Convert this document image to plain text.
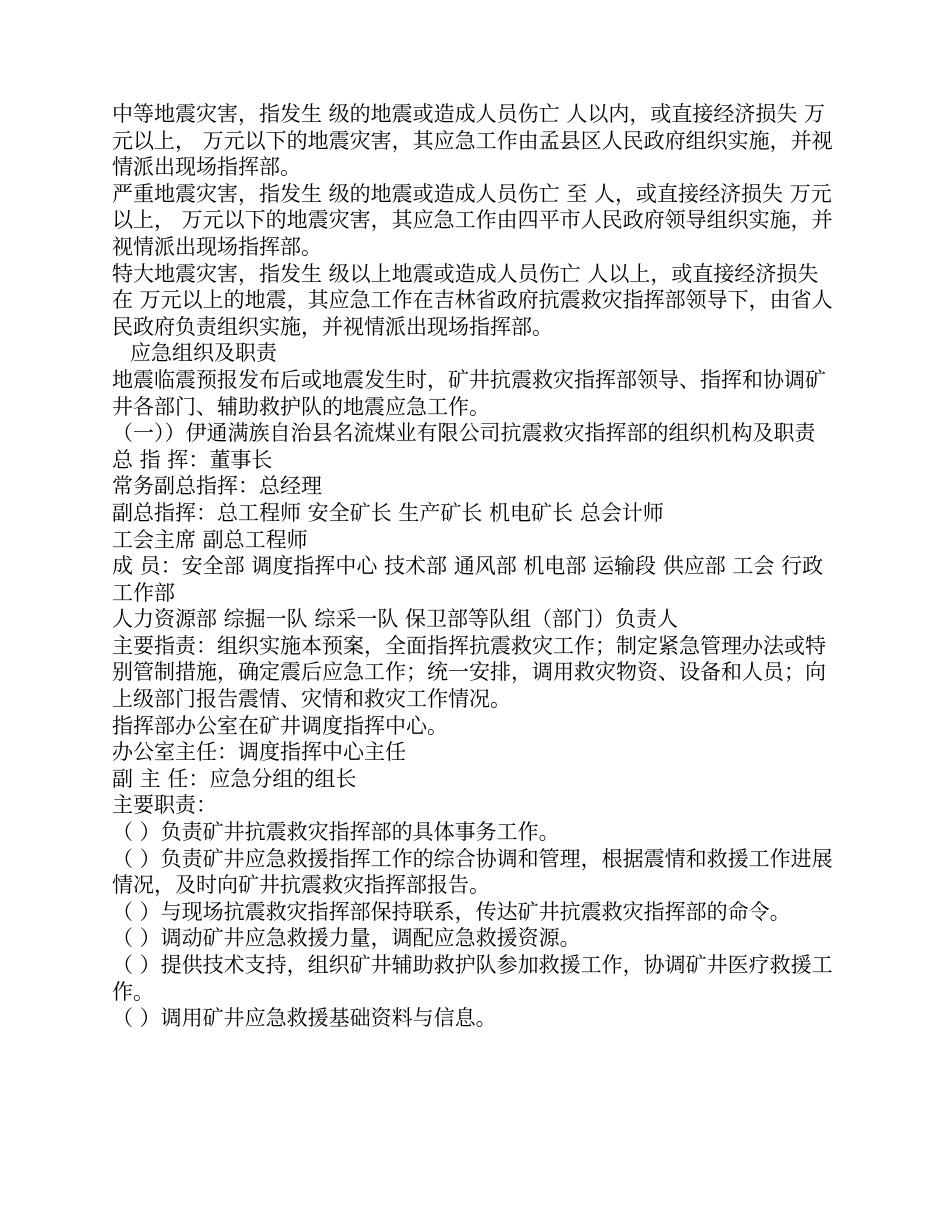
中等地震灾害，指发生 级的地震或造成人员伤亡 人以内，或直接经济损失 万元以上， 万元以下的地震灾害，其应急工作由孟县区人民政府组织实施，并视情派出现场指挥部。

严重地震灾害，指发生 级的地震或造成人员伤亡 至 人，或直接经济损失 万元以上， 万元以下的地震灾害，其应急工作由四平市人民政府领导组织实施，并视情派出现场指挥部。

特大地震灾害，指发生 级以上地震或造成人员伤亡 人以上，或直接经济损失在 万元以上的地震，其应急工作在吉林省政府抗震救灾指挥部领导下，由省人民政府负责组织实施，并视情派出现场指挥部。

应急组织及职责

地震临震预报发布后或地震发生时，矿井抗震救灾指挥部领导、指挥和协调矿井各部门、辅助救护队的地震应急工作。

（一））伊通满族自治县名流煤业有限公司抗震救灾指挥部的组织机构及职责

总 指 挥：董事长

常务副总指挥：总经理

副总指挥：总工程师 安全矿长 生产矿长 机电矿长 总会计师

工会主席 副总工程师

成 员：安全部 调度指挥中心 技术部 通风部 机电部 运输段 供应部 工会 行政工作部

人力资源部 综掘一队 综采一队 保卫部等队组（部门）负责人

主要指责：组织实施本预案，全面指挥抗震救灾工作；制定紧急管理办法或特别管制措施，确定震后应急工作；统一安排，调用救灾物资、设备和人员；向上级部门报告震情、灾情和救灾工作情况。

指挥部办公室在矿井调度指挥中心。

办公室主任：调度指挥中心主任

副 主 任：应急分组的组长

主要职责：

（ ）负责矿井抗震救灾指挥部的具体事务工作。

（ ）负责矿井应急救援指挥工作的综合协调和管理，根据震情和救援工作进展情况，及时向矿井抗震救灾指挥部报告。

（ ）与现场抗震救灾指挥部保持联系，传达矿井抗震救灾指挥部的命令。

（ ）调动矿井应急救援力量，调配应急救援资源。

（ ）提供技术支持，组织矿井辅助救护队参加救援工作，协调矿井医疗救援工作。

（ ）调用矿井应急救援基础资料与信息。
